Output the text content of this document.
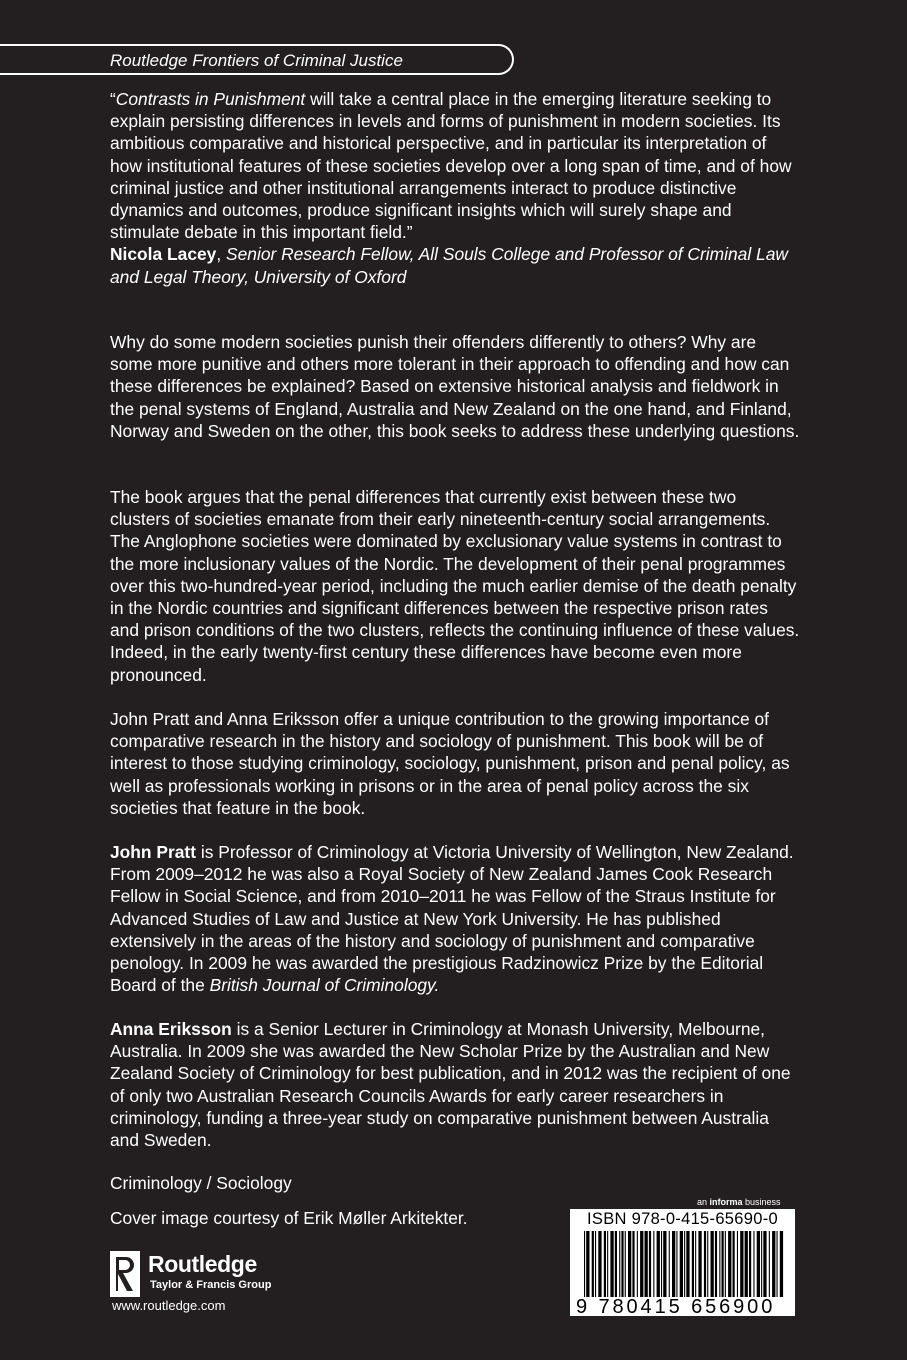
Routledge Frontiers of Criminal Justice

“Contrasts in Punishment will take a central place in the emerging literature seeking to explain persisting differences in levels and forms of punishment in modern societies. Its ambitious comparative and historical perspective, and in particular its interpretation of how institutional features of these societies develop over a long span of time, and of how criminal justice and other institutional arrangements interact to produce distinctive dynamics and outcomes, produce significant insights which will surely shape and stimulate debate in this important field.”

Nicola Lacey, Senior Research Fellow, All Souls College and Professor of Criminal Law and Legal Theory, University of Oxford

Why do some modern societies punish their offenders differently to others? Why are some more punitive and others more tolerant in their approach to offending and how can these differences be explained? Based on extensive historical analysis and fieldwork in the penal systems of England, Australia and New Zealand on the one hand, and Finland, Norway and Sweden on the other, this book seeks to address these underlying questions.
The book argues that the penal differences that currently exist between these two clusters of societies emanate from their early nineteenth-century social arrangements. The Anglophone societies were dominated by exclusionary value systems in contrast to the more inclusionary values of the Nordic. The development of their penal programmes over this two-hundred-year period, including the much earlier demise of the death penalty in the Nordic countries and significant differences between the respective prison rates and prison conditions of the two clusters, reflects the continuing influence of these values. Indeed, in the early twenty-first century these differences have become even more pronounced.
John Pratt and Anna Eriksson offer a unique contribution to the growing importance of comparative research in the history and sociology of punishment. This book will be of interest to those studying criminology, sociology, punishment, prison and penal policy, as well as professionals working in prisons or in the area of penal policy across the six societies that feature in the book.
John Pratt is Professor of Criminology at Victoria University of Wellington, New Zealand. From 2009–2012 he was also a Royal Society of New Zealand James Cook Research Fellow in Social Science, and from 2010–2011 he was Fellow of the Straus Institute for Advanced Studies of Law and Justice at New York University. He has published extensively in the areas of the history and sociology of punishment and comparative penology. In 2009 he was awarded the prestigious Radzinowicz Prize by the Editorial Board of the British Journal of Criminology.
Anna Eriksson is a Senior Lecturer in Criminology at Monash University, Melbourne, Australia. In 2009 she was awarded the New Scholar Prize by the Australian and New Zealand Society of Criminology for best publication, and in 2012 was the recipient of one of only two Australian Research Councils Awards for early career researchers in criminology, funding a three-year study on comparative punishment between Australia and Sweden.
Criminology / Sociology
Cover image courtesy of Erik Møller Arkitekter.
Routledge
Taylor & Francis Group
www.routledge.com
an informa business
ISBN 978-0-415-65690-0
9 780415 656900
